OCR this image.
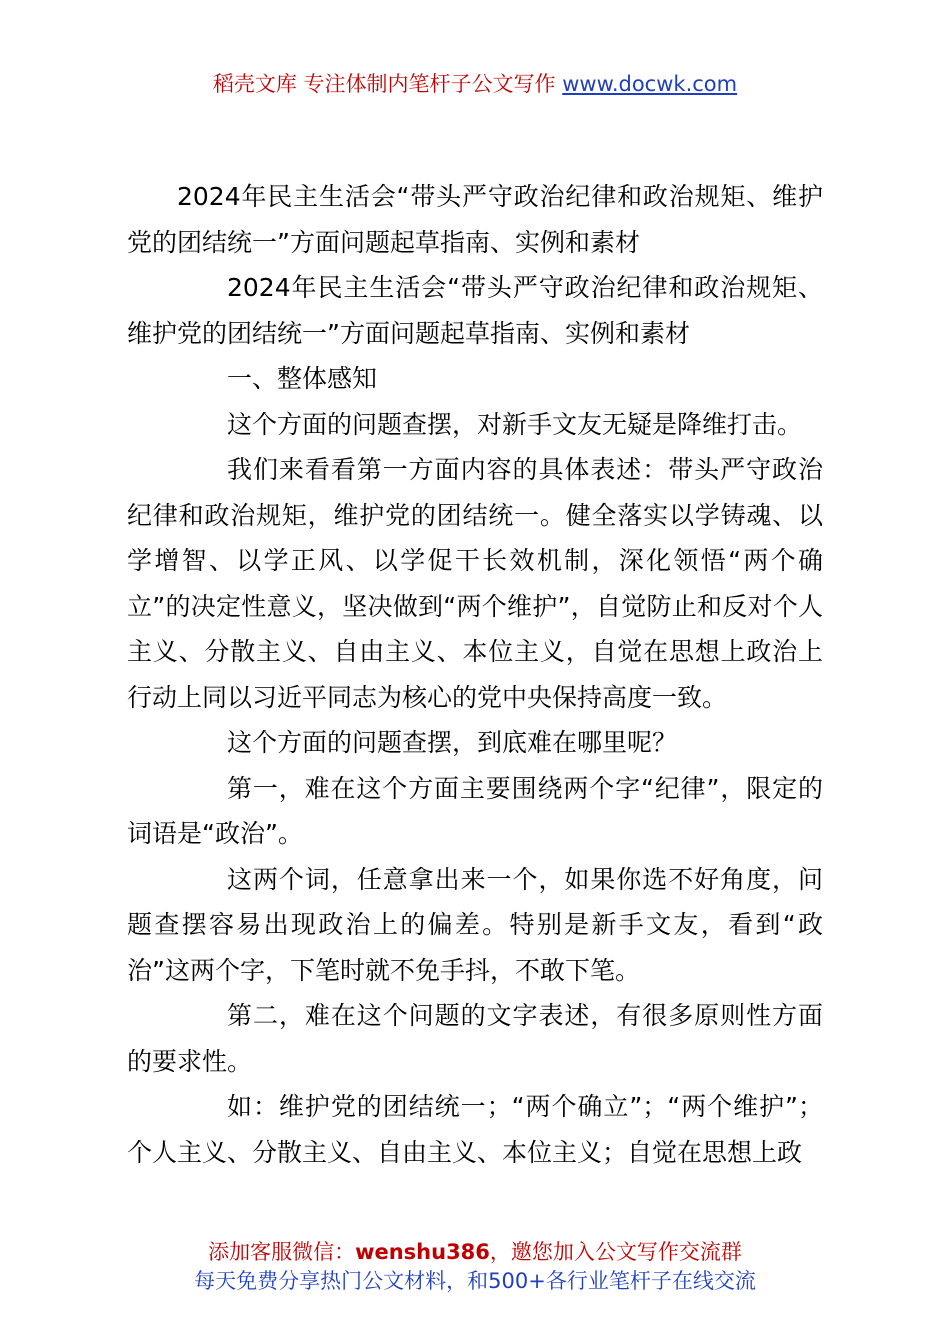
稻壳文库 专注体制内笔杆子公文写作 www.docwk.com

2024年民主生活会“带头严守政治纪律和政治规矩、维护党的团结统一”方面问题起草指南、实例和素材

2024年民主生活会“带头严守政治纪律和政治规矩、维护党的团结统一”方面问题起草指南、实例和素材

一、整体感知

这个方面的问题查摆，对新手文友无疑是降维打击。

我们来看看第一方面内容的具体表述：带头严守政治纪律和政治规矩，维护党的团结统一。健全落实以学铸魂、以学增智、以学正风、以学促干长效机制，深化领悟“两个确立”的决定性意义，坚决做到“两个维护”，自觉防止和反对个人主义、分散主义、自由主义、本位主义，自觉在思想上政治上行动上同以习近平同志为核心的党中央保持高度一致。

这个方面的问题查摆，到底难在哪里呢？

第一，难在这个方面主要围绕两个字“纪律”，限定的词语是“政治”。

这两个词，任意拿出来一个，如果你选不好角度，问题查摆容易出现政治上的偏差。特别是新手文友，看到“政治”这两个字，下笔时就不免手抖，不敢下笔。

第二，难在这个问题的文字表述，有很多原则性方面的要求性。

如：维护党的团结统一；“两个确立”；“两个维护”；个人主义、分散主义、自由主义、本位主义；自觉在思想上政

添加客服微信：wenshu386，邀您加入公文写作交流群
每天免费分享热门公文材料，和500+各行业笔杆子在线交流
